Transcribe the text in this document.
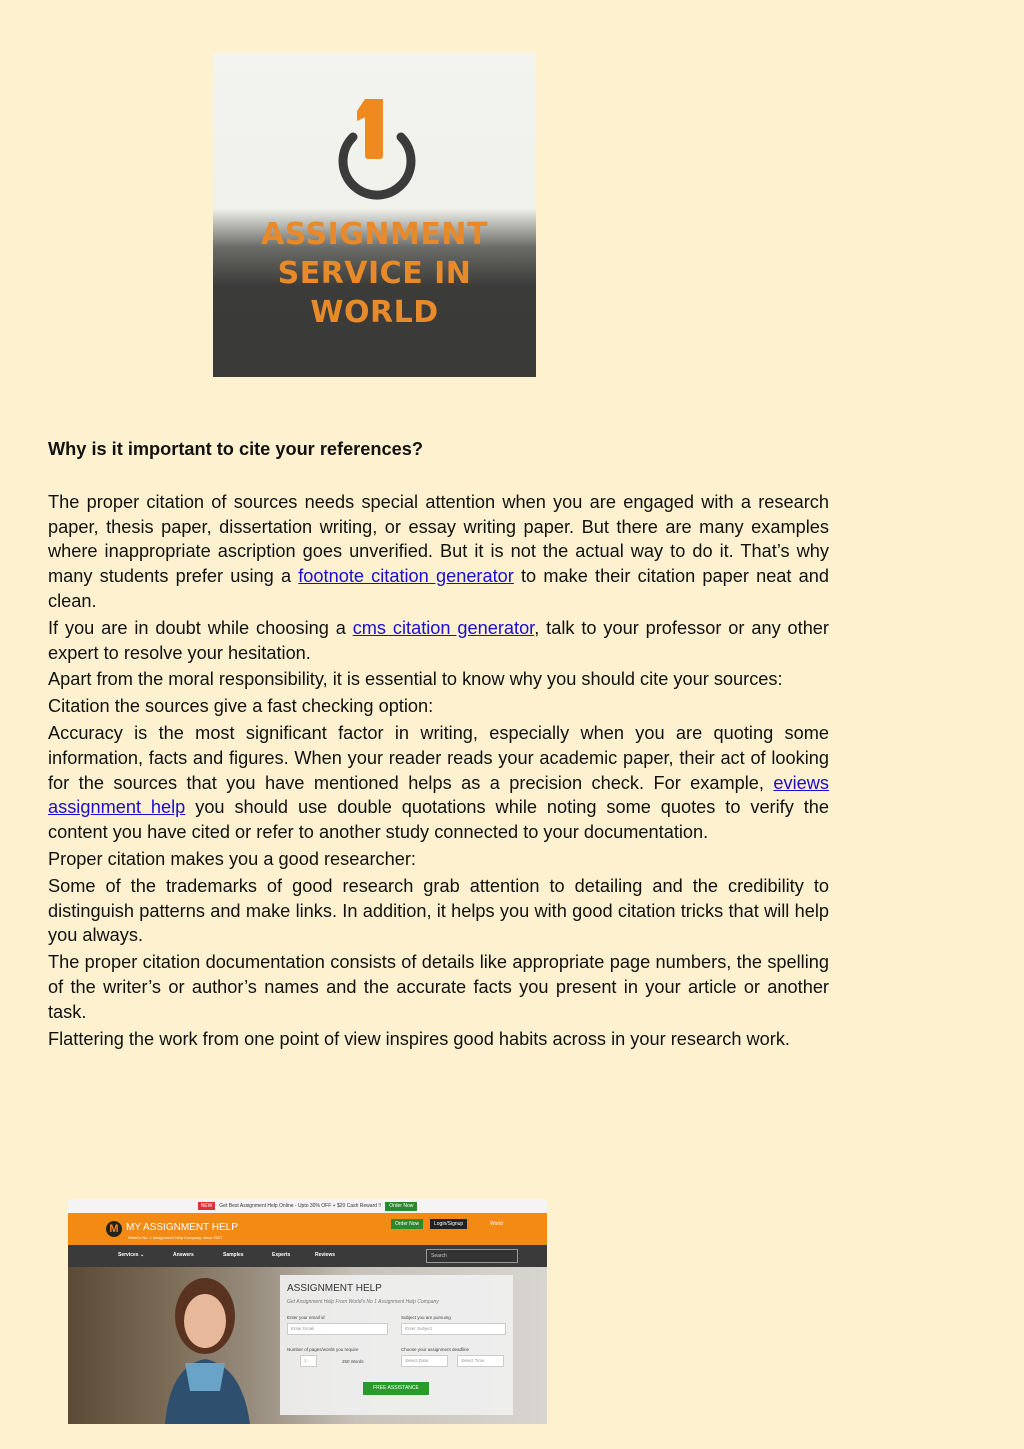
ASSIGNMENT
SERVICE IN
WORLD
Why is it important to cite your references?

The proper citation of sources needs special attention when you are engaged with a research paper, thesis paper, dissertation writing, or essay writing paper. But there are many examples where inappropriate ascription goes unverified. But it is not the actual way to do it. That’s why many students prefer using a footnote citation generator to make their citation paper neat and clean.

If you are in doubt while choosing a cms citation generator, talk to your professor or any other expert to resolve your hesitation.

Apart from the moral responsibility, it is essential to know why you should cite your sources:

Citation the sources give a fast checking option:

Accuracy is the most significant factor in writing, especially when you are quoting some information, facts and figures. When your reader reads your academic paper, their act of looking for the sources that you have mentioned helps as a precision check. For example, eviews assignment help you should use double quotations while noting some quotes to verify the content you have cited or refer to another study connected to your documentation.

Proper citation makes you a good researcher:

Some of the trademarks of good research grab attention to detailing and the credibility to distinguish patterns and make links. In addition, it helps you with good citation tricks that will help you always.

The proper citation documentation consists of details like appropriate page numbers, the spelling of the writer’s or author’s names and the accurate facts you present in your article or another task.

Flattering the work from one point of view inspires good habits across in your research work.

NEW	Get Best Assignment Help Online - Upto 30% OFF + $20 Cash Reward !!	Order Now
M MY ASSIGNMENT HELP
World's No. 1 Assignment Help Company, since 2007
Order Now	Login/Signup	World
Services ⌄	Answers	Samples	Experts	Reviews	Search
ASSIGNMENT HELP
Get Assignment Help From World's No 1 Assignment Help Company
Enter your email id
Enter Email
Subject you are pursuing
Enter Subject
Number of pages/words you require
1	250 Words
Choose your assignment deadline
Select Date	Select Time
FREE ASSISTANCE
